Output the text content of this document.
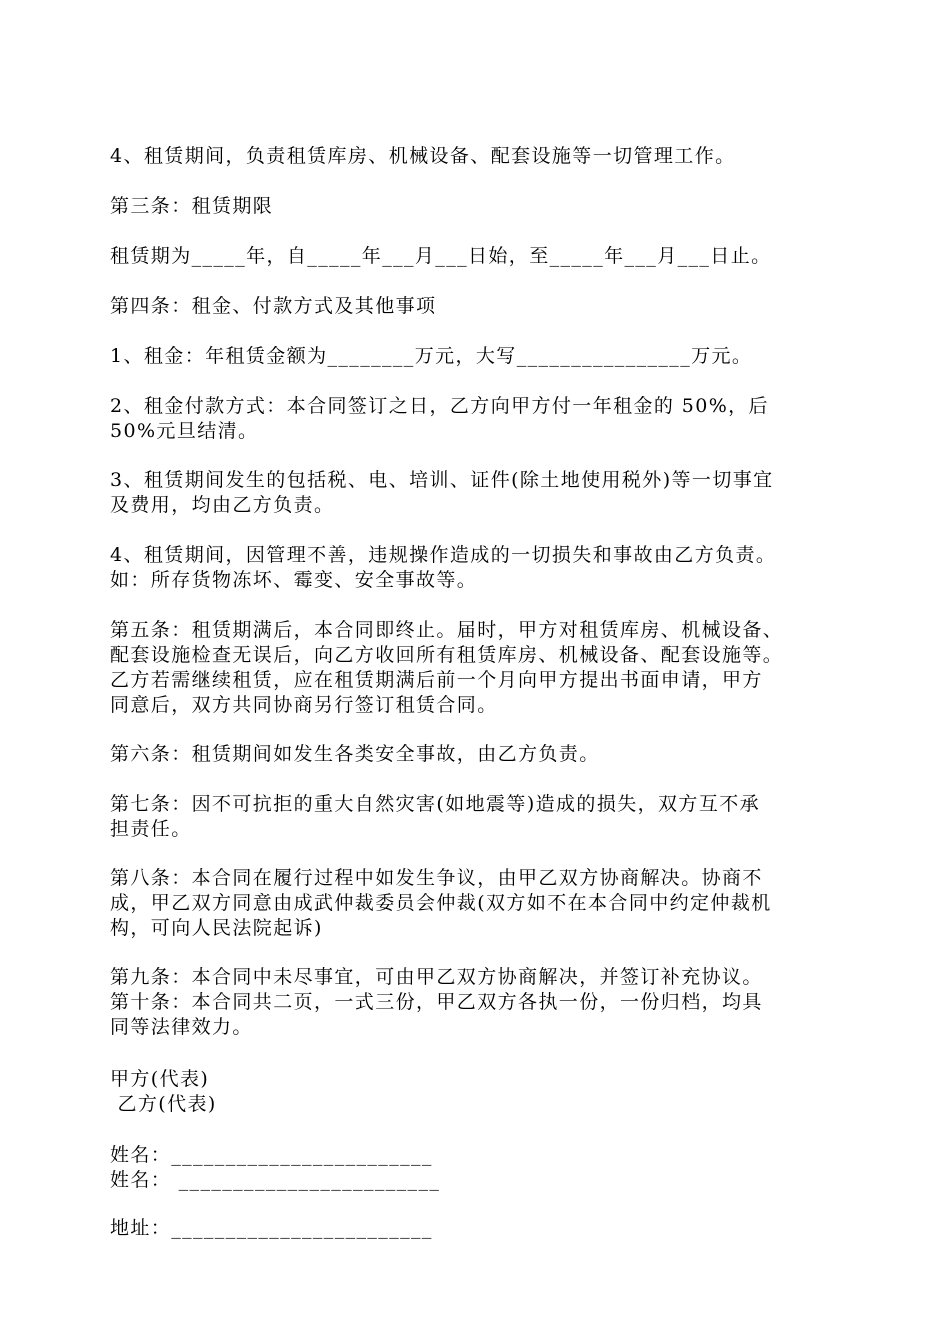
4、租赁期间，负责租赁库房、机械设备、配套设施等一切管理工作。
第三条：租赁期限
租赁期为_____年，自_____年___月___日始，至_____年___月___日止。
第四条：租金、付款方式及其他事项
1、租金：年租赁金额为________万元，大写________________万元。
2、租金付款方式：本合同签订之日，乙方向甲方付一年租金的 50%，后
50%元旦结清。
3、租赁期间发生的包括税、电、培训、证件(除土地使用税外)等一切事宜
及费用，均由乙方负责。
4、租赁期间，因管理不善，违规操作造成的一切损失和事故由乙方负责。
如：所存货物冻坏、霉变、安全事故等。
第五条：租赁期满后，本合同即终止。届时，甲方对租赁库房、机械设备、
配套设施检查无误后，向乙方收回所有租赁库房、机械设备、配套设施等。
乙方若需继续租赁，应在租赁期满后前一个月向甲方提出书面申请，甲方
同意后，双方共同协商另行签订租赁合同。
第六条：租赁期间如发生各类安全事故，由乙方负责。
第七条：因不可抗拒的重大自然灾害(如地震等)造成的损失，双方互不承
担责任。
第八条：本合同在履行过程中如发生争议，由甲乙双方协商解决。协商不
成，甲乙双方同意由成武仲裁委员会仲裁(双方如不在本合同中约定仲裁机
构，可向人民法院起诉)
第九条：本合同中未尽事宜，可由甲乙双方协商解决，并签订补充协议。
第十条：本合同共二页，一式三份，甲乙双方各执一份，一份归档，均具
同等法律效力。
甲方(代表)
乙方(代表)
姓名：________________________
姓名： ________________________
地址：________________________
